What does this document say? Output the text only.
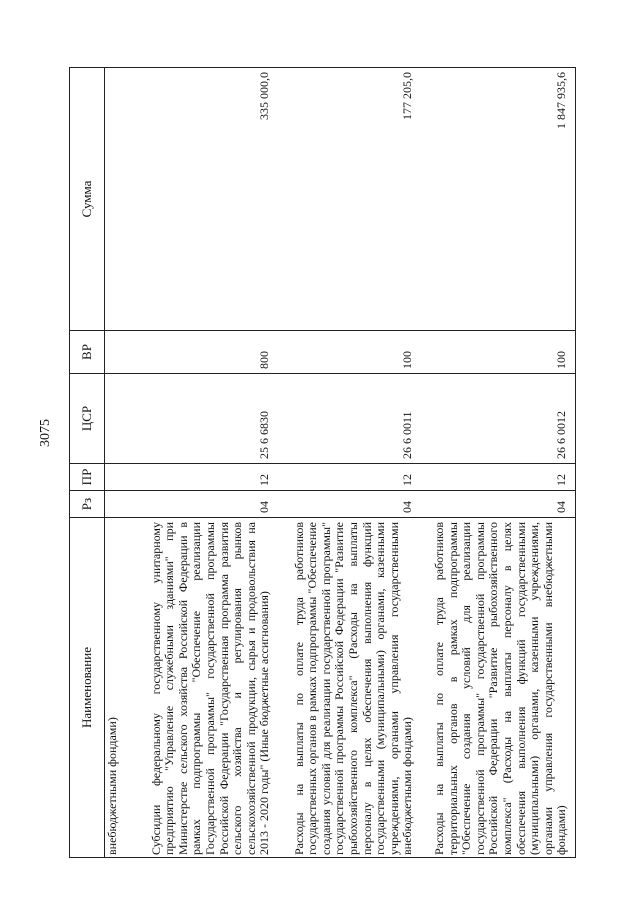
3075
Наименование	Рз	ПР	ЦСР	ВР	Сумма
внебюджетными фондами)					
Субсидии федеральному государственному унитарному предприятию "Управление служебными зданиями" при Министерстве сельского хозяйства Российской Федерации в рамках подпрограммы "Обеспечение реализации Государственной программы" государственной программы Российской Федерации "Государственная программа развития сельского хозяйства и регулирования рынков сельскохозяйственной продукции, сырья и продовольствия на 2013 - 2020 годы" (Иные бюджетные ассигнования)	04	12	25 6 6830	800	335 000,0
Расходы на выплаты по оплате труда работников государственных органов в рамках подпрограммы "Обеспечение создания условий для реализации государственной программы" государственной программы Российской Федерации "Развитие рыбохозяйственного комплекса" (Расходы на выплаты персоналу в целях обеспечения выполнения функций государственными (муниципальными) органами, казенными учреждениями, органами управления государственными внебюджетными фондами)	04	12	26 6 0011	100	177 205,0
Расходы на выплаты по оплате труда работников территориальных органов в рамках подпрограммы "Обеспечение создания условий для реализации государственной программы" государственной программы Российской Федерации "Развитие рыбохозяйственного комплекса" (Расходы на выплаты персоналу в целях обеспечения выполнения функций государственными (муниципальными) органами, казенными учреждениями, органами управления государственными внебюджетными фондами)	04	12	26 6 0012	100	1 847 935,6
